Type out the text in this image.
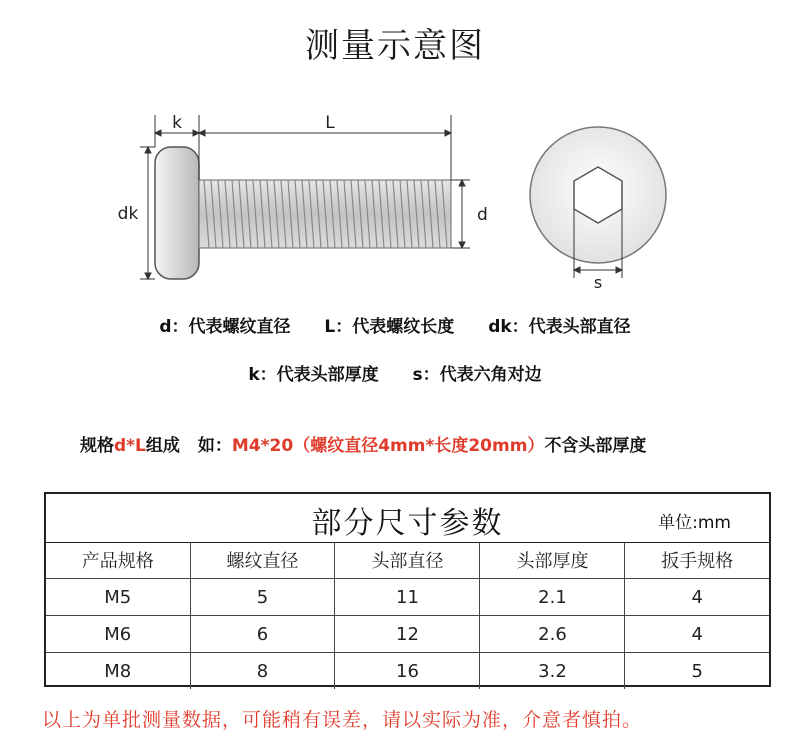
测量示意图
k	L
dk	d
s
d：代表螺纹直径 L：代表螺纹长度 dk：代表头部直径
k：代表头部厚度 s：代表六角对边
规格d*L组成 如：M4*20（螺纹直径4mm*长度20mm）不含头部厚度
部分尺寸参数	单位:mm
产品规格	螺纹直径	头部直径	头部厚度	扳手规格
M5	5	11	2.1	4
M6	6	12	2.6	4
M8	8	16	3.2	5
以上为单批测量数据，可能稍有误差，请以实际为准，介意者慎拍。
